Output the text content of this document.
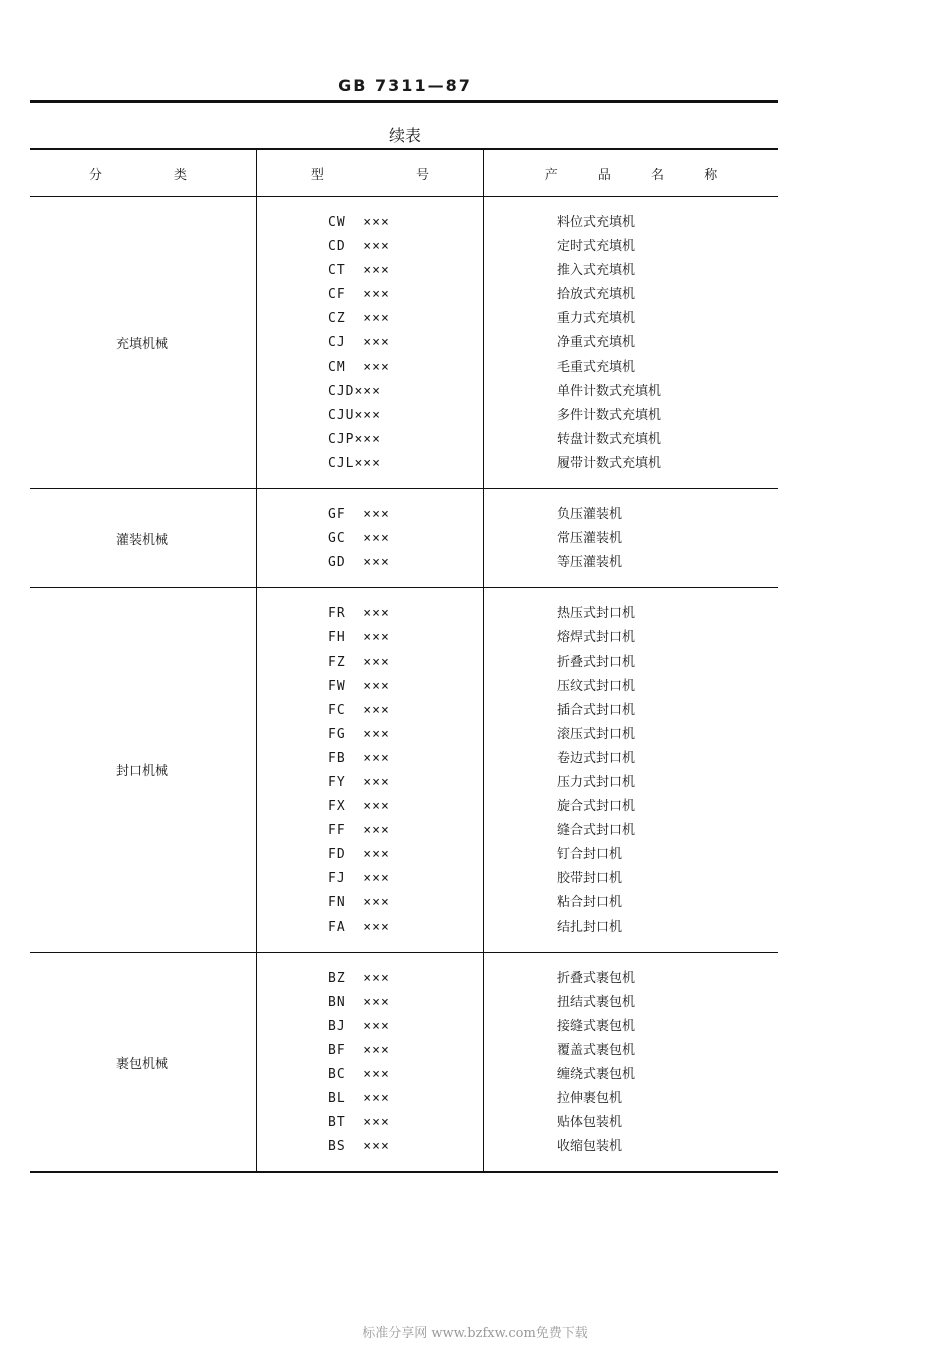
GB 7311—87
续表
分 类	型 号	产 品 名 称
充填机械
CW  ×××
CD  ×××
CT  ×××
CF  ×××
CZ  ×××
CJ  ×××
CM  ×××
CJD×××
CJU×××
CJP×××
CJL×××
料位式充填机
定时式充填机
推入式充填机
拾放式充填机
重力式充填机
净重式充填机
毛重式充填机
单件计数式充填机
多件计数式充填机
转盘计数式充填机
履带计数式充填机
灌装机械
GF  ×××
GC  ×××
GD  ×××
负压灌装机
常压灌装机
等压灌装机
封口机械
FR  ×××
FH  ×××
FZ  ×××
FW  ×××
FC  ×××
FG  ×××
FB  ×××
FY  ×××
FX  ×××
FF  ×××
FD  ×××
FJ  ×××
FN  ×××
FA  ×××
热压式封口机
熔焊式封口机
折叠式封口机
压纹式封口机
插合式封口机
滚压式封口机
卷边式封口机
压力式封口机
旋合式封口机
缝合式封口机
钉合封口机
胶带封口机
粘合封口机
结扎封口机
裹包机械
BZ  ×××
BN  ×××
BJ  ×××
BF  ×××
BC  ×××
BL  ×××
BT  ×××
BS  ×××
折叠式裹包机
扭结式裹包机
接缝式裹包机
覆盖式裹包机
缠绕式裹包机
拉伸裹包机
贴体包装机
收缩包装机
标准分享网 www.bzfxw.com免费下载
